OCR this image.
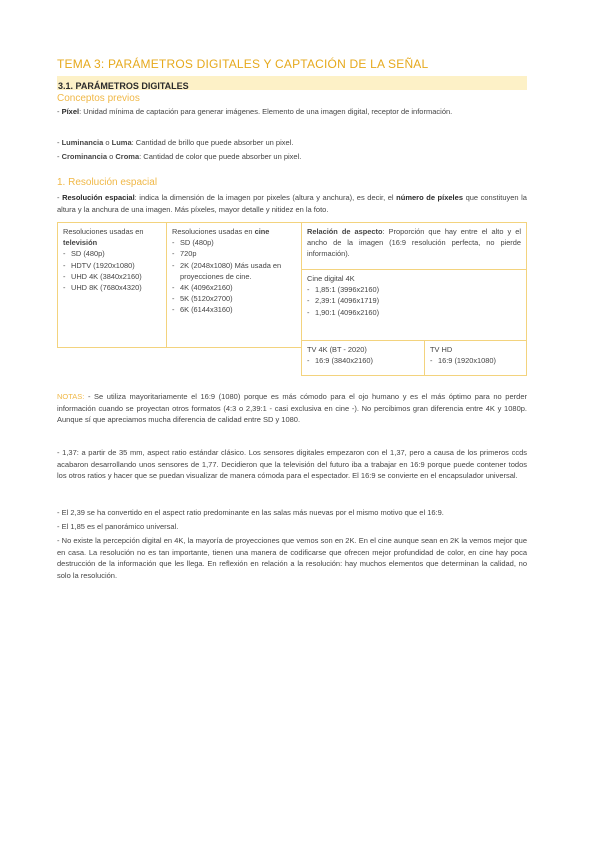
TEMA 3: PARÁMETROS DIGITALES Y CAPTACIÓN DE LA SEÑAL
3.1. PARÁMETROS DIGITALES
Conceptos previos
- Píxel: Unidad mínima de captación para generar imágenes. Elemento de una imagen digital, receptor de información.
- Luminancia o Luma: Cantidad de brillo que puede absorber un pixel.
- Crominancia o Croma: Cantidad de color que puede absorber un pixel.
1. Resolución espacial
- Resolución espacial: indica la dimensión de la imagen por pixeles (altura y anchura), es decir, el número de píxeles que constituyen la altura y la anchura de una imagen. Más píxeles, mayor detalle y nitidez en la foto.
Resoluciones usadas en televisión
- SD (480p)
- HDTV (1920x1080)
- UHD 4K (3840x2160)
- UHD 8K (7680x4320)
Resoluciones usadas en cine
- SD (480p)
- 720p
- 2K (2048x1080) Más usada en proyecciones de cine.
- 4K (4096x2160)
- 5K (5120x2700)
- 6K (6144x3160)
Relación de aspecto: Proporción que hay entre el alto y el ancho de la imagen (16:9 resolución perfecta, no pierde información).
Cine digital 4K
- 1,85:1 (3996x2160)
- 2,39:1 (4096x1719)
- 1,90:1 (4096x2160)
TV 4K (BT - 2020)
- 16:9 (3840x2160)
TV HD
- 16:9 (1920x1080)
NOTAS: - Se utiliza mayoritariamente el 16:9 (1080) porque es más cómodo para el ojo humano y es el más óptimo para no perder información cuando se proyectan otros formatos (4:3 o 2,39:1 - casi exclusiva en cine -). No percibimos gran diferencia entre 4K y 1080p. Aunque sí que apreciamos mucha diferencia de calidad entre SD y 1080.
- 1,37: a partir de 35 mm, aspect ratio estándar clásico. Los sensores digitales empezaron con el 1,37, pero a causa de los primeros ccds acabaron desarrollando unos sensores de 1,77. Decidieron que la televisión del futuro iba a trabajar en 16:9 porque puede contener todos los otros ratios y hacer que se puedan visualizar de manera cómoda para el espectador. El 16:9 se convierte en el encapsulador universal.
- El 2,39 se ha convertido en el aspect ratio predominante en las salas más nuevas por el mismo motivo que el 16:9.
- El 1,85 es el panorámico universal.
- No existe la percepción digital en 4K, la mayoría de proyecciones que vemos son en 2K. En el cine aunque sean en 2K la vemos mejor que en casa. La resolución no es tan importante, tienen una manera de codificarse que ofrecen mejor profundidad de color, en cine hay poca destrucción de la información que les llega. En reflexión en relación a la resolución: hay muchos elementos que determinan la calidad, no solo la resolución.
